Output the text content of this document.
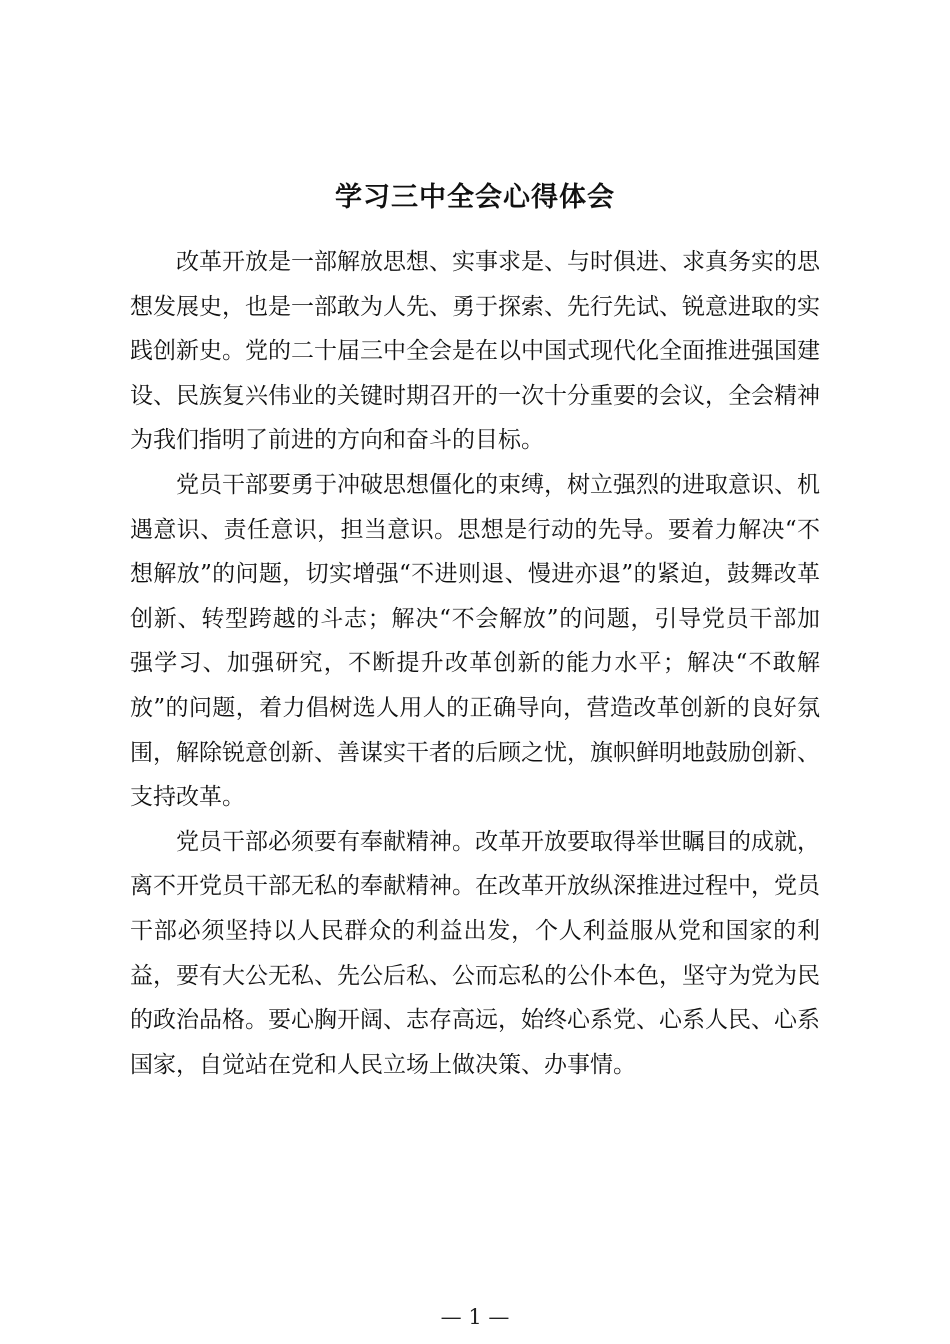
学习三中全会心得体会

改革开放是一部解放思想、实事求是、与时俱进、求真务实的思想发展史，也是一部敢为人先、勇于探索、先行先试、锐意进取的实践创新史。党的二十届三中全会是在以中国式现代化全面推进强国建设、民族复兴伟业的关键时期召开的一次十分重要的会议，全会精神为我们指明了前进的方向和奋斗的目标。

党员干部要勇于冲破思想僵化的束缚，树立强烈的进取意识、机遇意识、责任意识，担当意识。思想是行动的先导。要着力解决“不想解放”的问题，切实增强“不进则退、慢进亦退”的紧迫，鼓舞改革创新、转型跨越的斗志；解决“不会解放”的问题，引导党员干部加强学习、加强研究，不断提升改革创新的能力水平；解决“不敢解放”的问题，着力倡树选人用人的正确导向，营造改革创新的良好氛围，解除锐意创新、善谋实干者的后顾之忧，旗帜鲜明地鼓励创新、支持改革。

党员干部必须要有奉献精神。改革开放要取得举世瞩目的成就，离不开党员干部无私的奉献精神。在改革开放纵深推进过程中，党员干部必须坚持以人民群众的利益出发，个人利益服从党和国家的利益，要有大公无私、先公后私、公而忘私的公仆本色，坚守为党为民的政治品格。要心胸开阔、志存高远，始终心系党、心系人民、心系国家，自觉站在党和人民立场上做决策、办事情。

— 1 —
